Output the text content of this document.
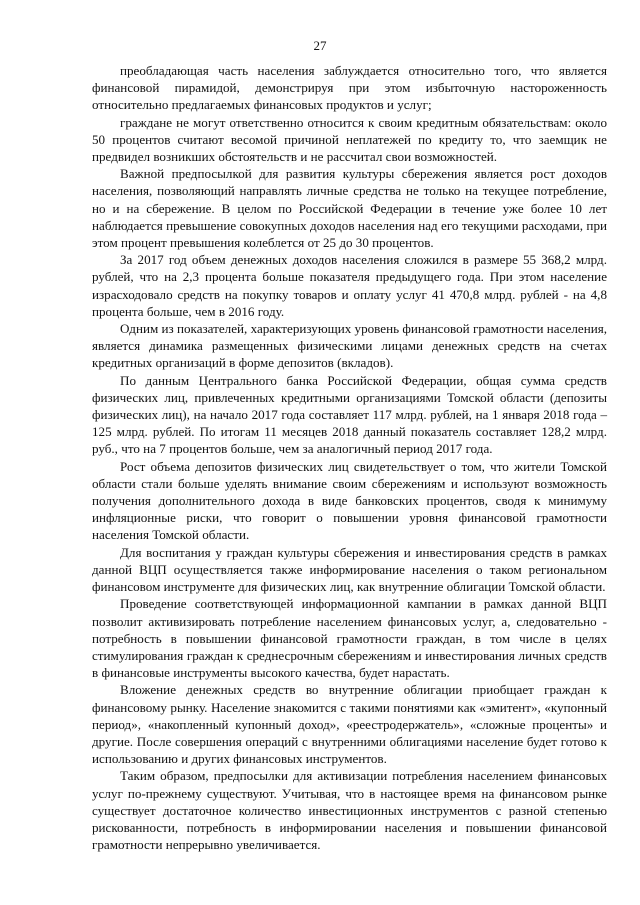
27

преобладающая часть населения заблуждается относительно того, что является финансовой пирамидой, демонстрируя при этом избыточную настороженность относительно предлагаемых финансовых продуктов и услуг;

граждане не могут ответственно относится к своим кредитным обязательствам: около 50 процентов считают весомой причиной неплатежей по кредиту то, что заемщик не предвидел возникших обстоятельств и не рассчитал свои возможностей.

Важной предпосылкой для развития культуры сбережения является рост доходов населения, позволяющий направлять личные средства не только на текущее потребление, но и на сбережение. В целом по Российской Федерации в течение уже более 10 лет наблюдается превышение совокупных доходов населения над его текущими расходами, при этом процент превышения колеблется от 25 до 30 процентов.

За 2017 год объем денежных доходов населения сложился в размере 55 368,2 млрд. рублей, что на 2,3 процента больше показателя предыдущего года. При этом население израсходовало средств на покупку товаров и оплату услуг 41 470,8 млрд. рублей - на 4,8 процента больше, чем в 2016 году.

Одним из показателей, характеризующих уровень финансовой грамотности населения, является динамика размещенных физическими лицами денежных средств на счетах кредитных организаций в форме депозитов (вкладов).

По данным Центрального банка Российской Федерации, общая сумма средств физических лиц, привлеченных кредитными организациями Томской области (депозиты физических лиц), на начало 2017 года составляет 117 млрд. рублей, на 1 января 2018 года – 125 млрд. рублей. По итогам 11 месяцев 2018 данный показатель составляет 128,2 млрд. руб., что на 7 процентов больше, чем за аналогичный период 2017 года.

Рост объема депозитов физических лиц свидетельствует о том, что жители Томской области стали больше уделять внимание своим сбережениям и используют возможность получения дополнительного дохода в виде банковских процентов, сводя к минимуму инфляционные риски, что говорит о повышении уровня финансовой грамотности населения Томской области.

Для воспитания у граждан культуры сбережения и инвестирования средств в рамках данной ВЦП осуществляется также информирование населения о таком региональном финансовом инструменте для физических лиц, как внутренние облигации Томской области.

Проведение соответствующей информационной кампании в рамках данной ВЦП позволит активизировать потребление населением финансовых услуг, а, следовательно - потребность в повышении финансовой грамотности граждан, в том числе в целях стимулирования граждан к среднесрочным сбережениям и инвестирования личных средств в финансовые инструменты высокого качества, будет нарастать.

Вложение денежных средств во внутренние облигации приобщает граждан к финансовому рынку. Население знакомится с такими понятиями как «эмитент», «купонный период», «накопленный купонный доход», «реестродержатель», «сложные проценты» и другие. После совершения операций с внутренними облигациями население будет готово к использованию и других финансовых инструментов.

Таким образом, предпосылки для активизации потребления населением финансовых услуг по-прежнему существуют. Учитывая, что в настоящее время на финансовом рынке существует достаточное количество инвестиционных инструментов с разной степенью рискованности, потребность в информировании населения и повышении финансовой грамотности непрерывно увеличивается.
